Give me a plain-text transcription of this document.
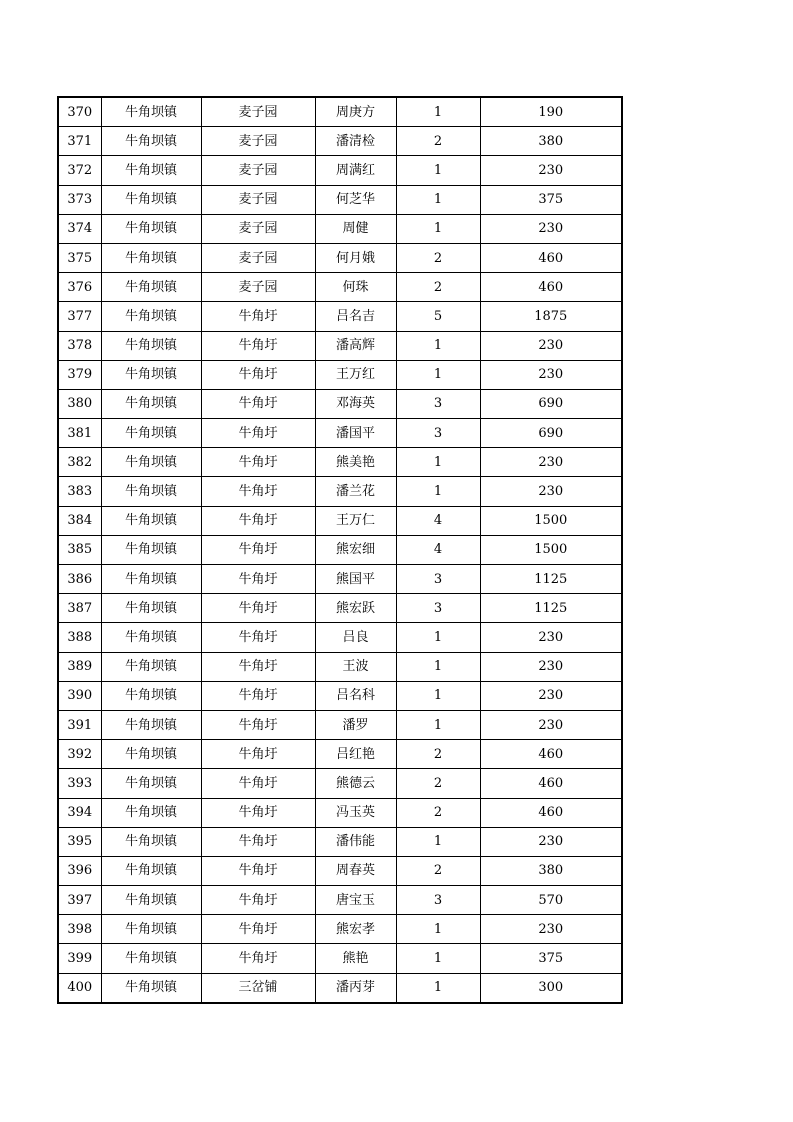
370	牛角坝镇	麦子园	周庚方	1	190
371	牛角坝镇	麦子园	潘清检	2	380
372	牛角坝镇	麦子园	周满红	1	230
373	牛角坝镇	麦子园	何芝华	1	375
374	牛角坝镇	麦子园	周健	1	230
375	牛角坝镇	麦子园	何月娥	2	460
376	牛角坝镇	麦子园	何珠	2	460
377	牛角坝镇	牛角圩	吕名吉	5	1875
378	牛角坝镇	牛角圩	潘高辉	1	230
379	牛角坝镇	牛角圩	王万红	1	230
380	牛角坝镇	牛角圩	邓海英	3	690
381	牛角坝镇	牛角圩	潘国平	3	690
382	牛角坝镇	牛角圩	熊美艳	1	230
383	牛角坝镇	牛角圩	潘兰花	1	230
384	牛角坝镇	牛角圩	王万仁	4	1500
385	牛角坝镇	牛角圩	熊宏细	4	1500
386	牛角坝镇	牛角圩	熊国平	3	1125
387	牛角坝镇	牛角圩	熊宏跃	3	1125
388	牛角坝镇	牛角圩	吕良	1	230
389	牛角坝镇	牛角圩	王波	1	230
390	牛角坝镇	牛角圩	吕名科	1	230
391	牛角坝镇	牛角圩	潘罗	1	230
392	牛角坝镇	牛角圩	吕红艳	2	460
393	牛角坝镇	牛角圩	熊德云	2	460
394	牛角坝镇	牛角圩	冯玉英	2	460
395	牛角坝镇	牛角圩	潘伟能	1	230
396	牛角坝镇	牛角圩	周春英	2	380
397	牛角坝镇	牛角圩	唐宝玉	3	570
398	牛角坝镇	牛角圩	熊宏孝	1	230
399	牛角坝镇	牛角圩	熊艳	1	375
400	牛角坝镇	三岔铺	潘丙芽	1	300
